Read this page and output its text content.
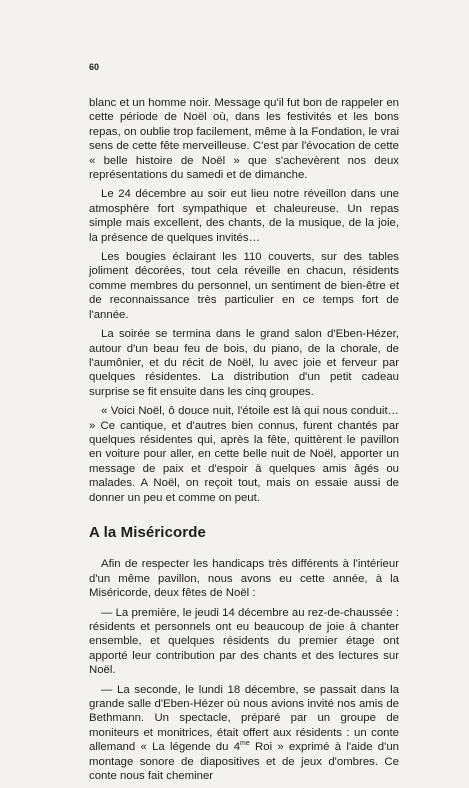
60

blanc et un homme noir. Message qu'il fut bon de rappeler en cette période de Noël où, dans les festivités et les bons repas, on oublie trop facilement, même à la Fondation, le vrai sens de cette fête merveilleuse. C'est par l'évocation de cette « belle histoire de Noël » que s'achevèrent nos deux représentations du samedi et de dimanche.

Le 24 décembre au soir eut lieu notre réveillon dans une atmosphère fort sympathique et chaleureuse. Un repas simple mais excellent, des chants, de la musique, de la joie, la présence de quelques invités…

Les bougies éclairant les 110 couverts, sur des tables joliment décorées, tout cela réveille en chacun, résidents comme membres du personnel, un sentiment de bien-être et de reconnaissance très particulier en ce temps fort de l'année.

La soirée se termina dans le grand salon d'Eben-Hézer, autour d'un beau feu de bois, du piano, de la chorale, de l'aumônier, et du récit de Noël, lu avec joie et ferveur par quelques résidentes. La distribution d'un petit cadeau surprise se fit ensuite dans les cinq groupes.

« Voici Noël, ô douce nuit, l'étoile est là qui nous conduit… » Ce cantique, et d'autres bien connus, furent chantés par quelques résidentes qui, après la fête, quittèrent le pavillon en voiture pour aller, en cette belle nuit de Noël, apporter un message de paix et d'espoir à quelques amis âgés ou malades. A Noël, on reçoit tout, mais on essaie aussi de donner un peu et comme on peut.

A la Miséricorde

Afin de respecter les handicaps très différents à l'intérieur d'un même pavillon, nous avons eu cette année, à la Miséricorde, deux fêtes de Noël :

— La première, le jeudi 14 décembre au rez-de-chaussée : résidents et personnels ont eu beaucoup de joie à chanter ensemble, et quelques résidents du premier étage ont apporté leur contribution par des chants et des lectures sur Noël.

— La seconde, le lundi 18 décembre, se passait dans la grande salle d'Eben-Hézer où nous avions invité nos amis de Bethmann. Un spectacle, préparé par un groupe de moniteurs et monitrices, était offert aux résidents : un conte allemand « La légende du $4^{me}$ Roi » exprimé à l'aide d'un montage sonore de diapositives et de jeux d'ombres. Ce conte nous fait cheminer
